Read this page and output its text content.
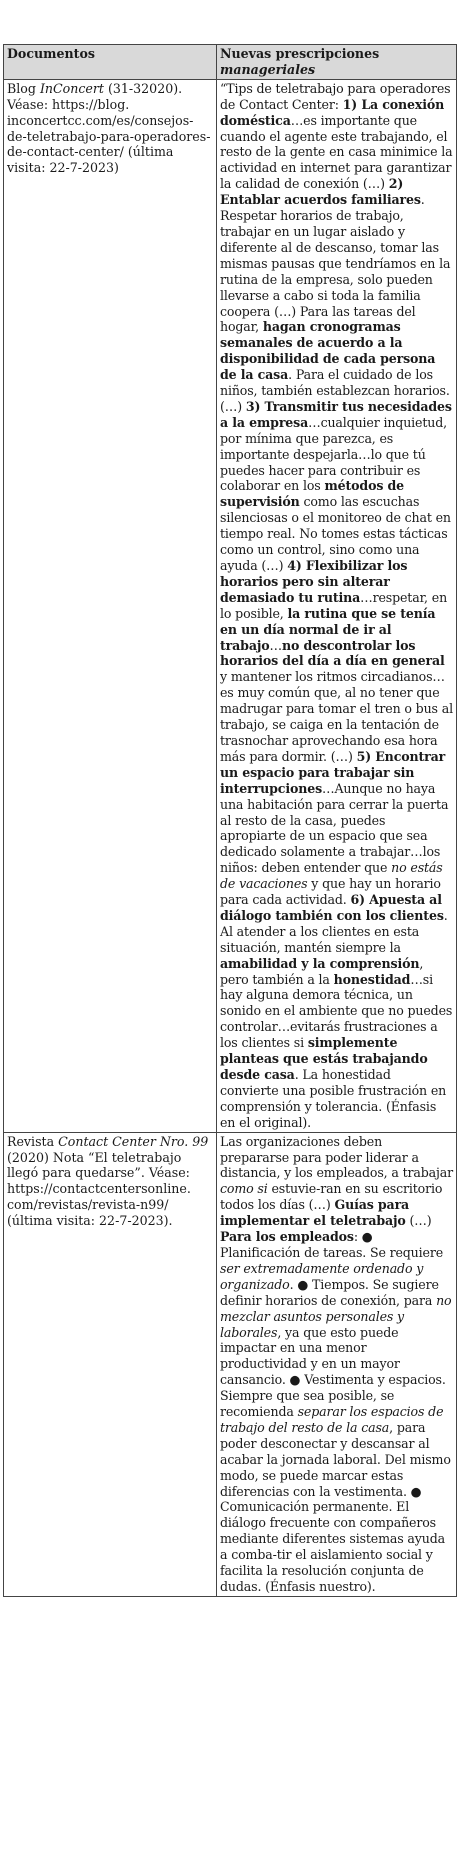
Documentos	Nuevas prescripciones
manageriales
Blog InConcert (31-32020). Véase: https://blog. inconcertcc.com/es/consejos-de-teletrabajo-para-operadores-de-contact-center/ (última visita: 22-7-2023)	“Tips de teletrabajo para operadores de Contact Center: 1) La conexión doméstica…es importante que cuando el agente este trabajando, el resto de la gente en casa minimice la actividad en internet para garantizar la calidad de conexión (…) 2) Entablar acuerdos familiares. Respetar horarios de trabajo, trabajar en un lugar aislado y diferente al de descanso, tomar las mismas pausas que tendríamos en la rutina de la empresa, solo pueden llevarse a cabo si toda la familia coopera (…) Para las tareas del hogar, hagan cronogramas semanales de acuerdo a la disponibilidad de cada persona de la casa. Para el cuidado de los niños, también establezcan horarios. (…) 3) Transmitir tus necesidades a la empresa…cualquier inquietud, por mínima que parezca, es importante despejarla…lo que tú puedes hacer para contribuir es colaborar en los métodos de supervisión como las escuchas silenciosas o el monitoreo de chat en tiempo real. No tomes estas tácticas como un control, sino como una ayuda (…) 4) Flexibilizar los horarios pero sin alterar demasiado tu rutina…respetar, en lo posible, la rutina que se tenía en un día normal de ir al trabajo…no descontrolar los horarios del día a día en general y mantener los ritmos circadianos…es muy común que, al no tener que madrugar para tomar el tren o bus al trabajo, se caiga en la tentación de trasnochar aprovechando esa hora más para dormir. (…) 5) Encontrar un espacio para trabajar sin interrupciones…Aunque no haya una habitación para cerrar la puerta al resto de la casa, puedes apropiarte de un espacio que sea dedicado solamente a trabajar…los niños: deben entender que no estás de vacaciones y que hay un horario para cada actividad. 6) Apuesta al diálogo también con los clientes. Al atender a los clientes en esta situación, mantén siempre la amabilidad y la comprensión, pero también a la honestidad…si hay alguna demora técnica, un sonido en el ambiente que no puedes controlar…evitarás frustraciones a los clientes si simplemente planteas que estás trabajando desde casa. La honestidad convierte una posible frustración en comprensión y tolerancia. (Énfasis en el original).
Revista Contact Center Nro. 99 (2020) Nota “El teletrabajo llegó para quedarse”. Véase: https://contactcentersonline. com/revistas/revista-n99/ (última visita: 22-7-2023).	Las organizaciones deben prepararse para poder liderar a distancia, y los empleados, a trabajar como si estuvie-ran en su escritorio todos los días (…) Guías para implementar el teletrabajo (…) Para los empleados: ● Planificación de tareas. Se requiere ser extremadamente ordenado y organizado. ● Tiempos. Se sugiere definir horarios de conexión, para no mezclar asuntos personales y laborales, ya que esto puede impactar en una menor productividad y en un mayor cansancio. ● Vestimenta y espacios. Siempre que sea posible, se recomienda separar los espacios de trabajo del resto de la casa, para poder desconectar y descansar al acabar la jornada laboral. Del mismo modo, se puede marcar estas diferencias con la vestimenta. ● Comunicación permanente. El diálogo frecuente con compañeros mediante diferentes sistemas ayuda a comba-tir el aislamiento social y facilita la resolución conjunta de dudas. (Énfasis nuestro).
